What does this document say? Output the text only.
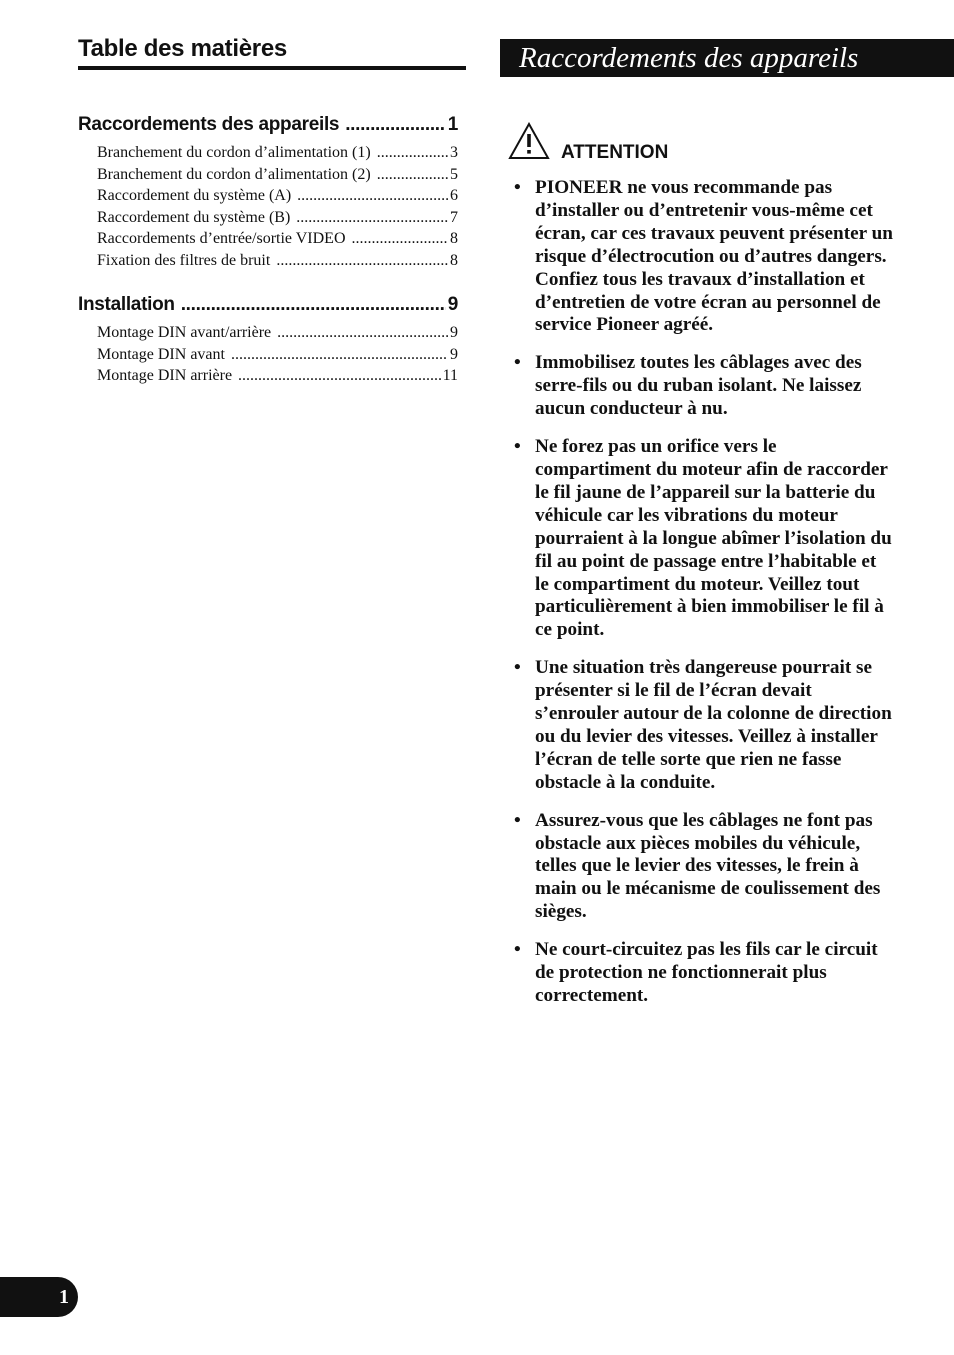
Table des matières
Raccordements des appareils .....	1
Branchement du cordon d’alimentation (1) .....	3
Branchement du cordon d’alimentation (2) .....	5
Raccordement du système (A) .....	6
Raccordement du système (B) .....	7
Raccordements d’entrée/sortie VIDEO .....	8
Fixation des filtres de bruit .....	8
Installation .....	9
Montage DIN avant/arrière .....	9
Montage DIN avant .....	9
Montage DIN arrière .....	11
Raccordements des appareils
ATTENTION
• PIONEER ne vous recommande pas d’installer ou d’entretenir vous-même cet écran, car ces travaux peuvent présenter un risque d’électrocution ou d’autres dangers. Confiez tous les travaux d’installation et d’entretien de votre écran au personnel de service Pioneer agréé.
• Immobilisez toutes les câblages avec des serre-fils ou du ruban isolant. Ne laissez aucun conducteur à nu.
• Ne forez pas un orifice vers le compartiment du moteur afin de raccorder le fil jaune de l’appareil sur la batterie du véhicule car les vibrations du moteur pourraient à la longue abîmer l’isolation du fil au point de passage entre l’habitable et le compartiment du moteur. Veillez tout particulièrement à bien immobiliser le fil à ce point.
• Une situation très dangereuse pourrait se présenter si le fil de l’écran devait s’enrouler autour de la colonne de direction ou du levier des vitesses. Veillez à installer l’écran de telle sorte que rien ne fasse obstacle à la conduite.
• Assurez-vous que les câblages ne font pas obstacle aux pièces mobiles du véhicule, telles que le levier des vitesses, le frein à main ou le mécanisme de coulissement des sièges.
• Ne court-circuitez pas les fils car le circuit de protection ne fonctionnerait plus correctement.
1
